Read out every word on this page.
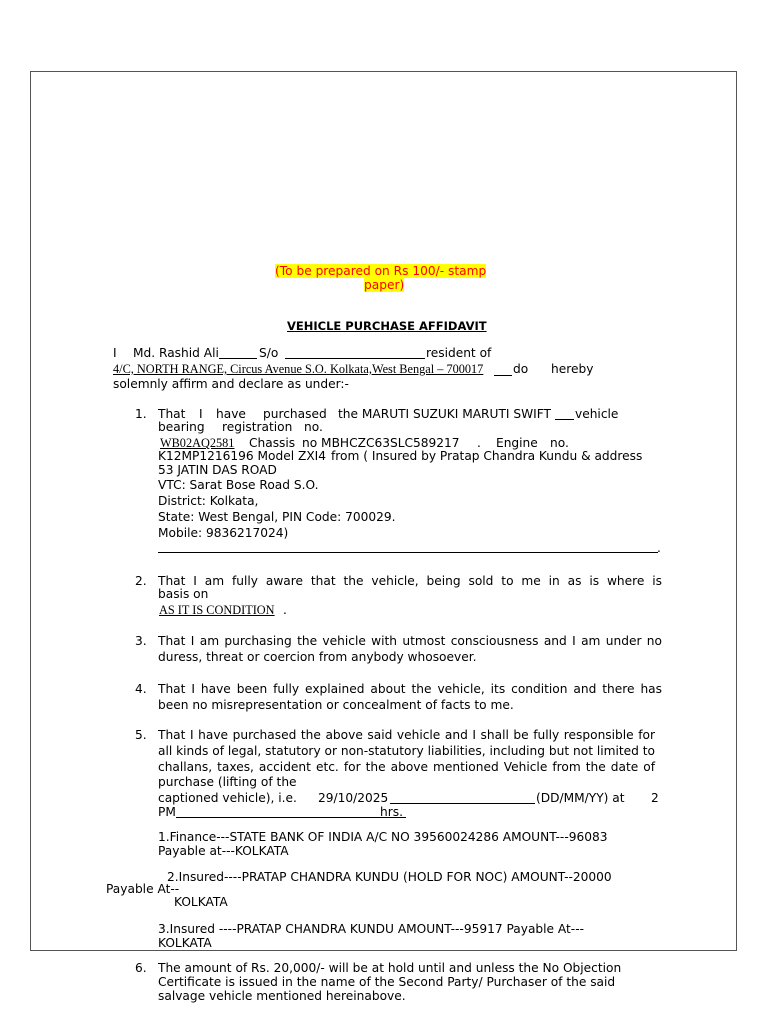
(To be prepared on Rs 100/- stamp
paper)
VEHICLE PURCHASE AFFIDAVIT
I Md. Rashid Ali	S/o	resident of
4/C, NORTH RANGE, Circus Avenue S.O. Kolkata,West Bengal – 700017 do hereby
solemnly affirm and declare as under:-
1. That I have purchased the MARUTI SUZUKI MARUTI SWIFT vehicle
bearing registration no.
WB02AQ2581 Chassis no MBHCZC63SLC589217 . Engine no.
K12MP1216196 Model ZXI4 from ( Insured by Pratap Chandra Kundu & address
53 JATIN DAS ROAD
VTC: Sarat Bose Road S.O.
District: Kolkata,
State: West Bengal, PIN Code: 700029.
Mobile: 9836217024)
.
2. That I am fully aware that the vehicle, being sold to me in as is where is
basis on
AS IT IS CONDITION .
3. That I am purchasing the vehicle with utmost consciousness and I am under no duress, threat or coercion from anybody whosoever.
4. That I have been fully explained about the vehicle, its condition and there has been no misrepresentation or concealment of facts to me.
5. That I have purchased the above said vehicle and I shall be fully responsible for all kinds of legal, statutory or non-statutory liabilities, including but not limited to challans, taxes, accident etc. for the above mentioned Vehicle from the date of purchase (lifting of the
captioned vehicle), i.e. 29/10/2025	(DD/MM/YY) at 2
PM	hrs.
1.Finance---STATE BANK OF INDIA A/C NO 39560024286 AMOUNT---96083
Payable at---KOLKATA
2.Insured----PRATAP CHANDRA KUNDU (HOLD FOR NOC) AMOUNT--20000
Payable At--
KOLKATA
3.Insured ----PRATAP CHANDRA KUNDU AMOUNT---95917 Payable At---
KOLKATA
6. The amount of Rs. 20,000/- will be at hold until and unless the No Objection
Certificate is issued in the name of the Second Party/ Purchaser of the said
salvage vehicle mentioned hereinabove.
